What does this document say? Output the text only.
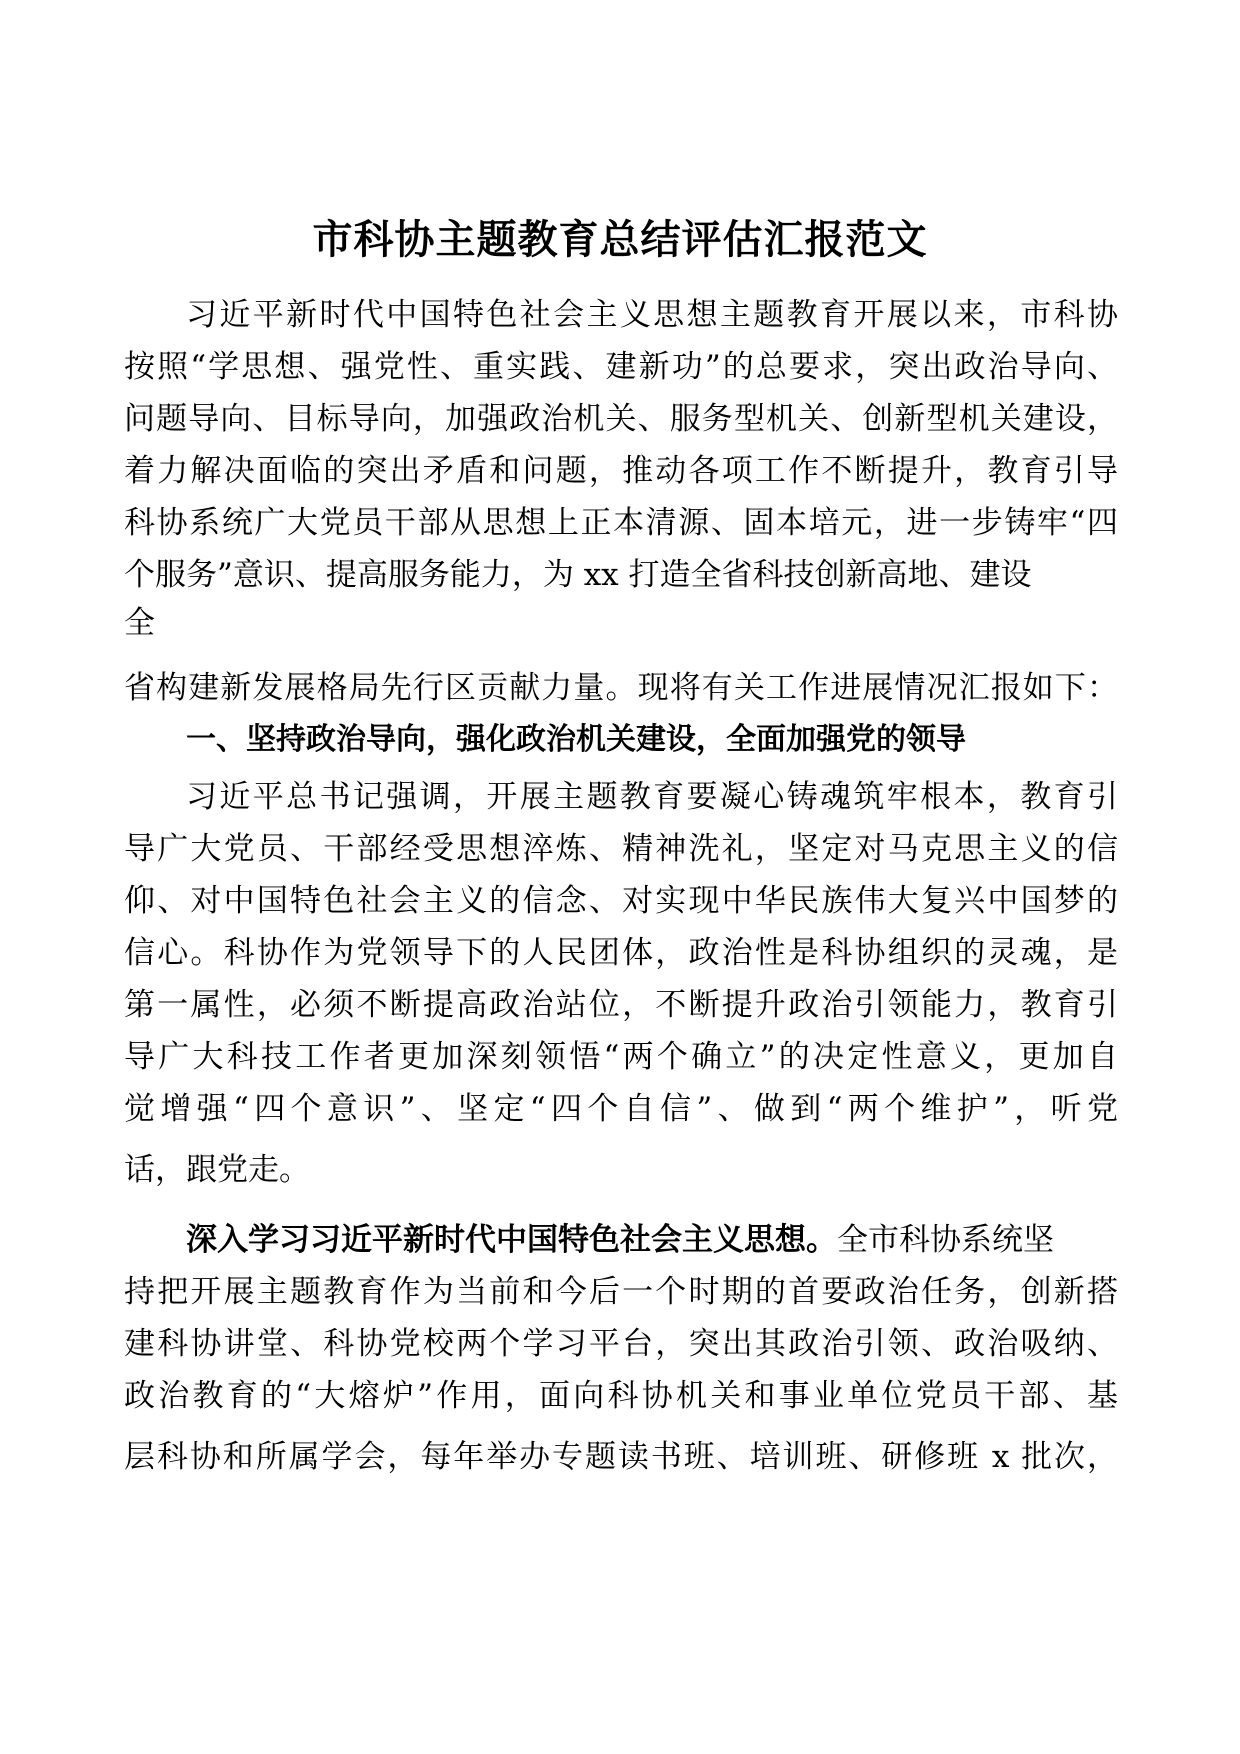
市科协主题教育总结评估汇报范文
习近平新时代中国特色社会主义思想主题教育开展以来，市科协
按照“学思想、强党性、重实践、建新功”的总要求，突出政治导向、
问题导向、目标导向，加强政治机关、服务型机关、创新型机关建设，
着力解决面临的突出矛盾和问题，推动各项工作不断提升，教育引导
科协系统广大党员干部从思想上正本清源、固本培元，进一步铸牢“四
个服务”意识、提高服务能力，为 xx 打造全省科技创新高地、建设
全
省构建新发展格局先行区贡献力量。现将有关工作进展情况汇报如下：
一、坚持政治导向，强化政治机关建设，全面加强党的领导
习近平总书记强调，开展主题教育要凝心铸魂筑牢根本，教育引
导广大党员、干部经受思想淬炼、精神洗礼，坚定对马克思主义的信
仰、对中国特色社会主义的信念、对实现中华民族伟大复兴中国梦的
信心。科协作为党领导下的人民团体，政治性是科协组织的灵魂，是
第一属性，必须不断提高政治站位，不断提升政治引领能力，教育引
导广大科技工作者更加深刻领悟“两个确立”的决定性意义，更加自
觉增强“四个意识”、坚定“四个自信”、做到“两个维护”，听党
话，跟党走。
深入学习习近平新时代中国特色社会主义思想。全市科协系统坚
持把开展主题教育作为当前和今后一个时期的首要政治任务，创新搭
建科协讲堂、科协党校两个学习平台，突出其政治引领、政治吸纳、
政治教育的“大熔炉”作用，面向科协机关和事业单位党员干部、基
层科协和所属学会，每年举办专题读书班、培训班、研修班 x 批次，
